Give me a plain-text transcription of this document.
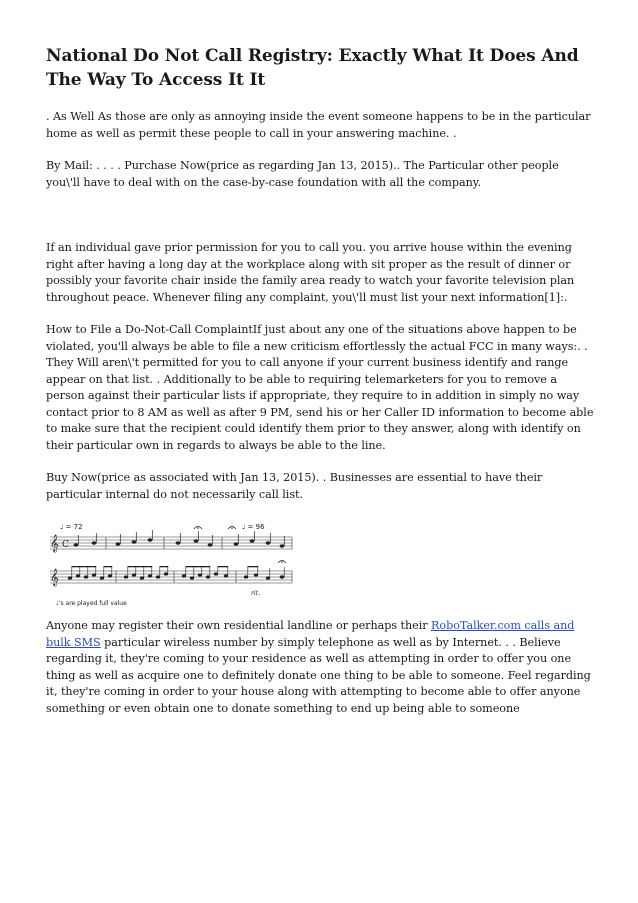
National Do Not Call Registry: Exactly What It Does And The Way To Access It It

. As Well As those are only as annoying inside the event someone happens to be in the particular home as well as permit these people to call in your answering machine. .

By Mail: . . . . Purchase Now(price as regarding Jan 13, 2015).. The Particular other people you\'ll have to deal with on the case-by-case foundation with all the company.

If an individual gave prior permission for you to call you. you arrive house within the evening right after having a long day at the workplace along with sit proper as the result of dinner or possibly your favorite chair inside the family area ready to watch your favorite television plan throughout peace. Whenever filing any complaint, you\'ll must list your next information[1]:.

How to File a Do-Not-Call ComplaintIf just about any one of the situations above happen to be violated, you'll always be able to file a new criticism effortlessly the actual FCC in many ways:. . They Will aren\'t permitted for you to call anyone if your current business identify and range appear on that list. . Additionally to be able to requiring telemarketers for you to remove a person against their particular lists if appropriate, they require to in addition in simply no way contact prior to 8 AM as well as after 9 PM, send his or her Caller ID information to become able to make sure that the recipient could identify them prior to they answer, along with identify on their particular own in regards to always be able to the line.

Buy Now(price as associated with Jan 13, 2015). . Businesses are essential to have their particular internal do not necessarily call list.

𝄞
𝄞
C
♩ = 72	♩ = 96
rit.
♩'s are played full value

Anyone may register their own residential landline or perhaps their RoboTalker.com calls and bulk SMS particular wireless number by simply telephone as well as by Internet. . . Believe regarding it, they're coming to your residence as well as attempting in order to offer you one thing as well as acquire one to definitely donate one thing to be able to someone. Feel regarding it, they're coming in order to your house along with attempting to become able to offer anyone something or even obtain one to donate something to end up being able to someone
